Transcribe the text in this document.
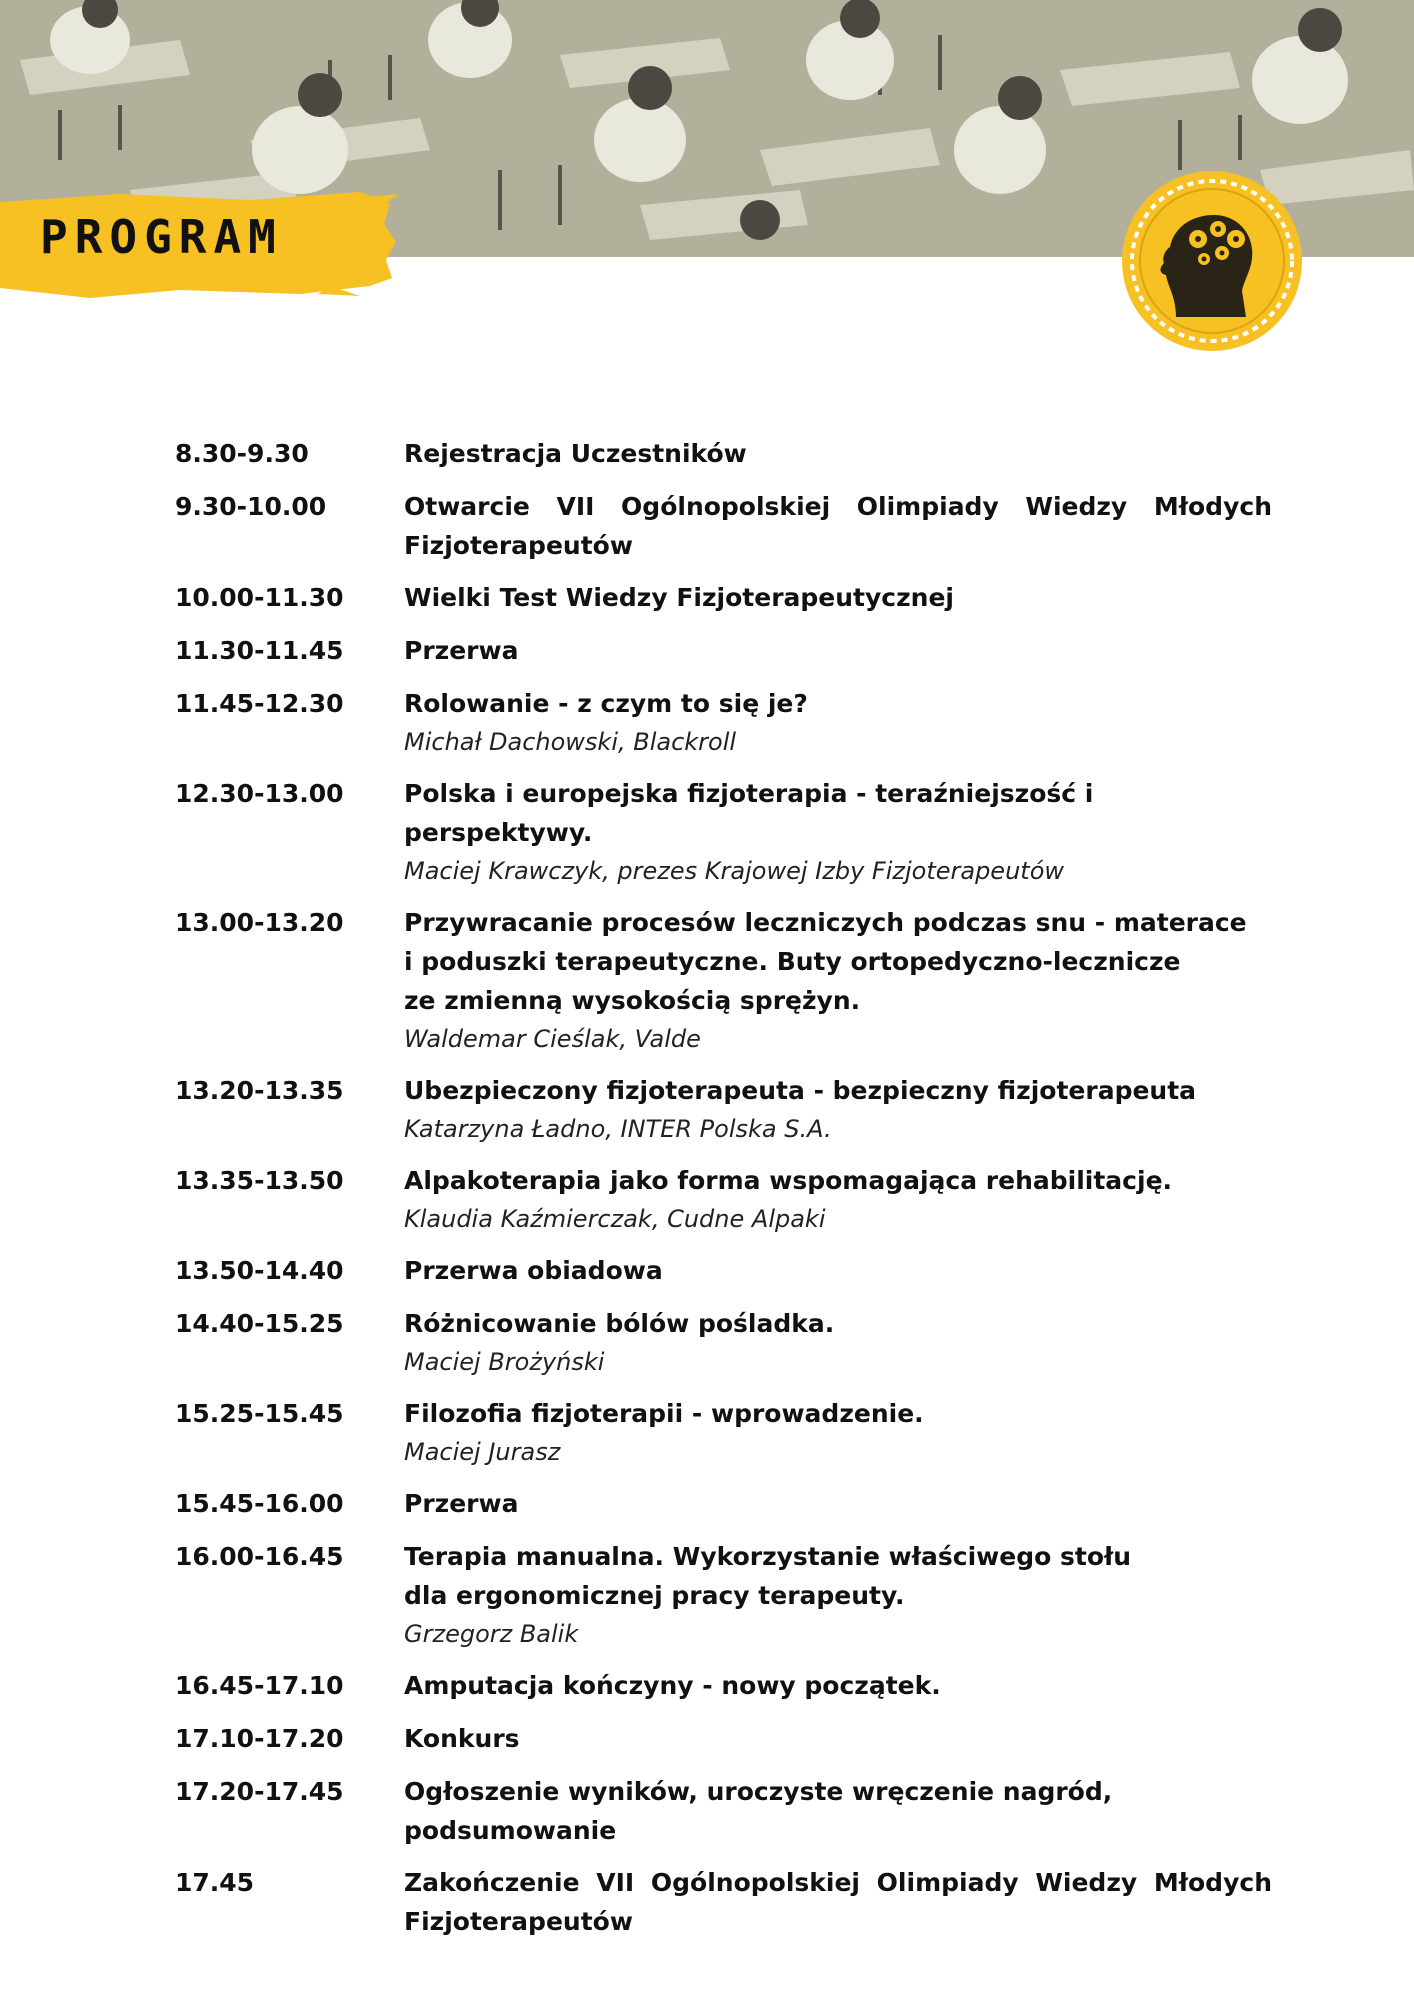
PROGRAM
8.30-9.30	Rejestracja Uczestników
9.30-10.00	Otwarcie VII Ogólnopolskiej Olimpiady Wiedzy Młodych Fizjoterapeutów
10.00-11.30	Wielki Test Wiedzy Fizjoterapeutycznej
11.30-11.45	Przerwa
11.45-12.30	Rolowanie - z czym to się je?
Michał Dachowski, Blackroll
12.30-13.00	Polska i europejska fizjoterapia - teraźniejszość i perspektywy.
Maciej Krawczyk, prezes Krajowej Izby Fizjoterapeutów
13.00-13.20	Przywracanie procesów leczniczych podczas snu - materace
i poduszki terapeutyczne. Buty ortopedyczno-lecznicze
ze zmienną wysokością sprężyn.
Waldemar Cieślak, Valde
13.20-13.35	Ubezpieczony fizjoterapeuta - bezpieczny fizjoterapeuta
Katarzyna Ładno, INTER Polska S.A.
13.35-13.50	Alpakoterapia jako forma wspomagająca rehabilitację.
Klaudia Kaźmierczak, Cudne Alpaki
13.50-14.40	Przerwa obiadowa
14.40-15.25	Różnicowanie bólów pośladka.
Maciej Brożyński
15.25-15.45	Filozofia fizjoterapii - wprowadzenie.
Maciej Jurasz
15.45-16.00	Przerwa
16.00-16.45	Terapia manualna. Wykorzystanie właściwego stołu
dla ergonomicznej pracy terapeuty.
Grzegorz Balik
16.45-17.10	Amputacja kończyny - nowy początek.
17.10-17.20	Konkurs
17.20-17.45	Ogłoszenie wyników, uroczyste wręczenie nagród, podsumowanie
17.45	Zakończenie VII Ogólnopolskiej Olimpiady Wiedzy Młodych Fizjoterapeutów
